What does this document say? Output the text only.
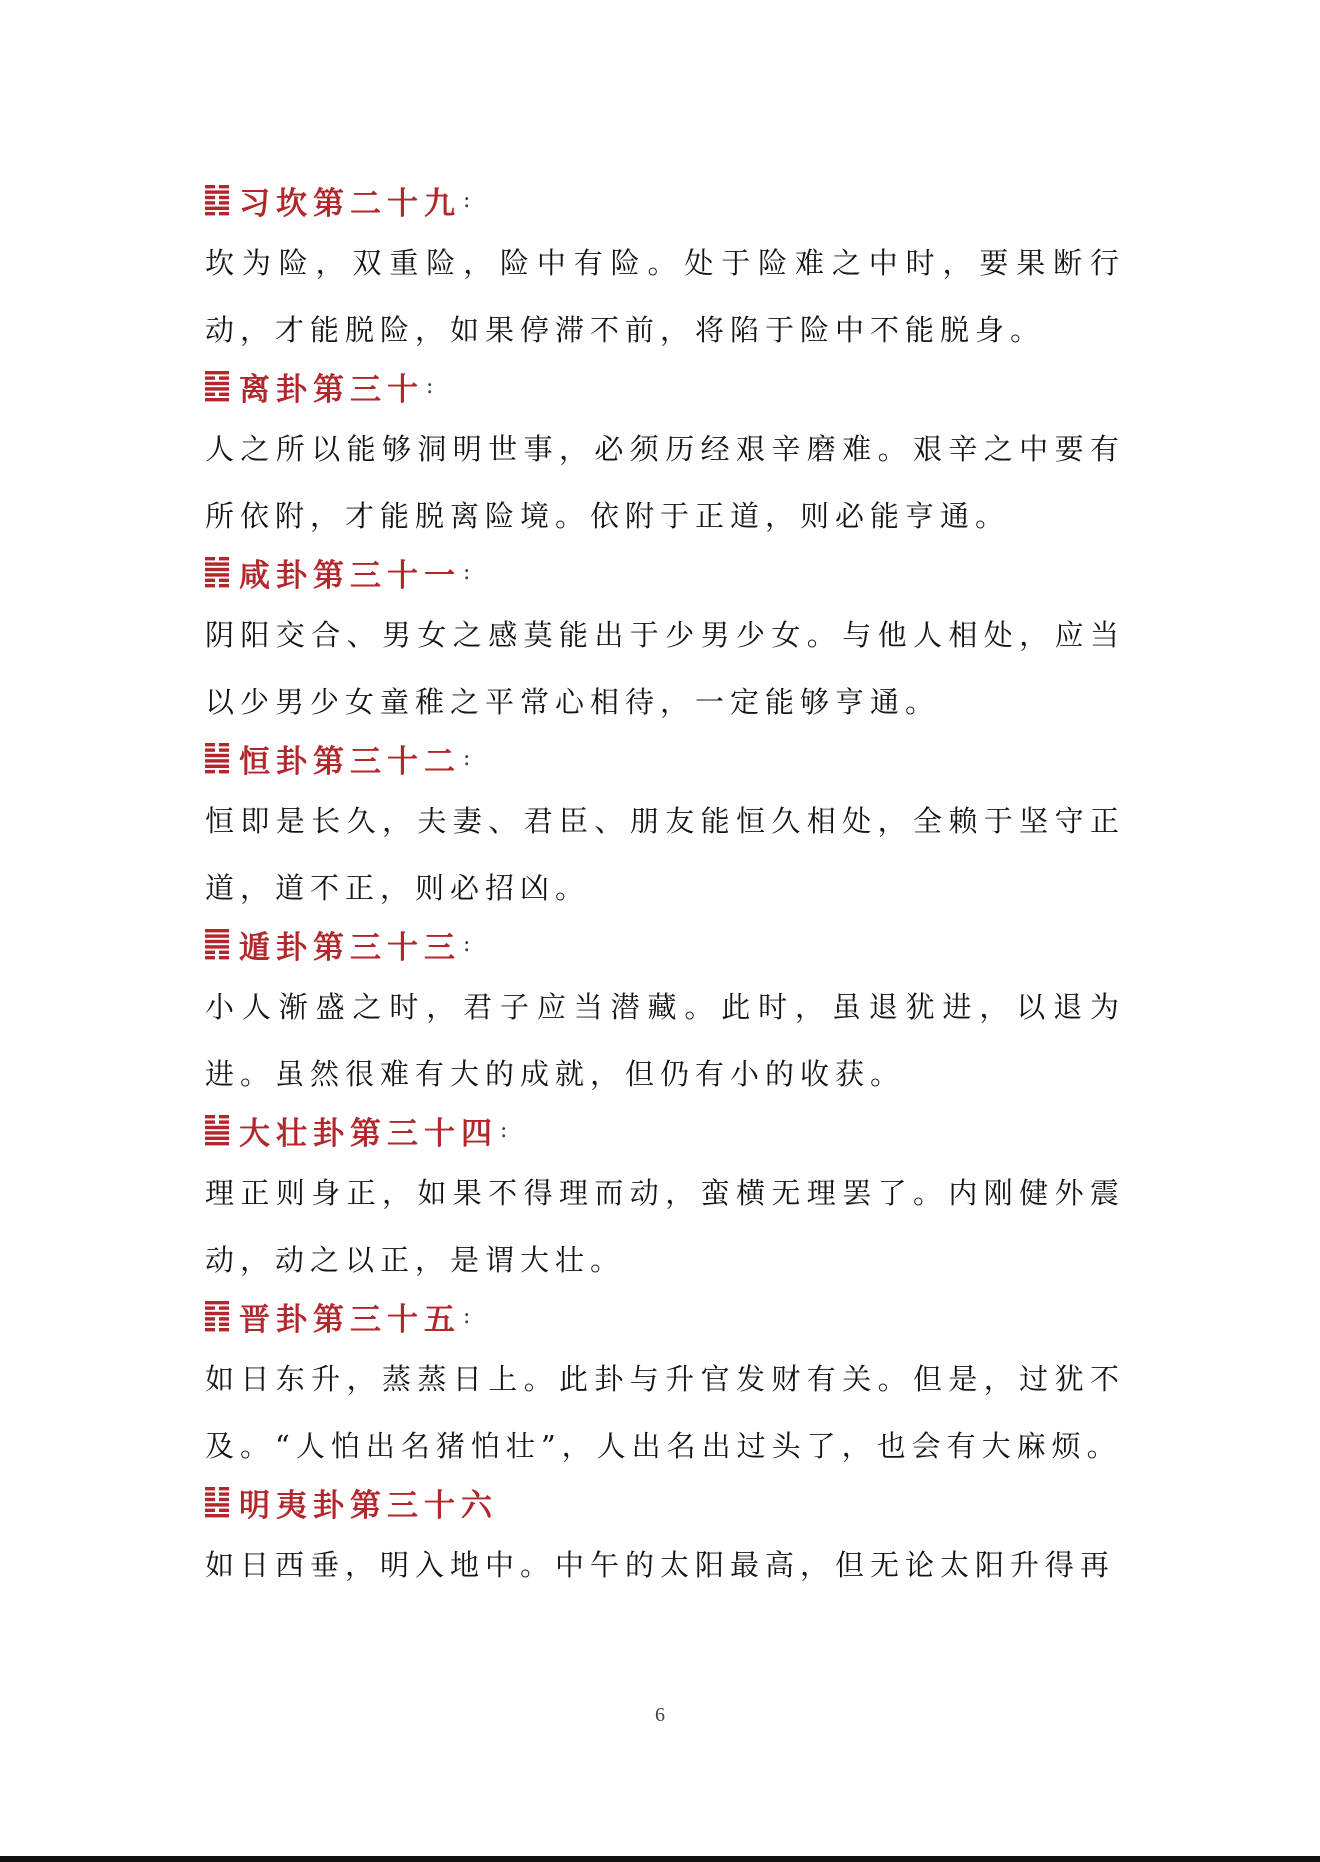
习坎第二十九 :

坎为险，双重险，险中有险。处于险难之中时，要果断行动，才能脱险，如果停滞不前，将陷于险中不能脱身。

离卦第三十 :

人之所以能够洞明世事，必须历经艰辛磨难。艰辛之中要有所依附，才能脱离险境。依附于正道，则必能亨通。

咸卦第三十一 :

阴阳交合、男女之感莫能出于少男少女。与他人相处，应当以少男少女童稚之平常心相待，一定能够亨通。

恒卦第三十二 :

恒即是长久，夫妻、君臣、朋友能恒久相处，全赖于坚守正道，道不正，则必招凶。

遁卦第三十三 :

小人渐盛之时，君子应当潜藏。此时，虽退犹进，以退为进。虽然很难有大的成就，但仍有小的收获。

大壮卦第三十四 :

理正则身正，如果不得理而动，蛮横无理罢了。内刚健外震动，动之以正，是谓大壮。

晋卦第三十五 :

如日东升，蒸蒸日上。此卦与升官发财有关。但是，过犹不及。“人怕出名猪怕壮”，人出名出过头了，也会有大麻烦。

明夷卦第三十六

如日西垂，明入地中。中午的太阳最高，但无论太阳升得再

6
